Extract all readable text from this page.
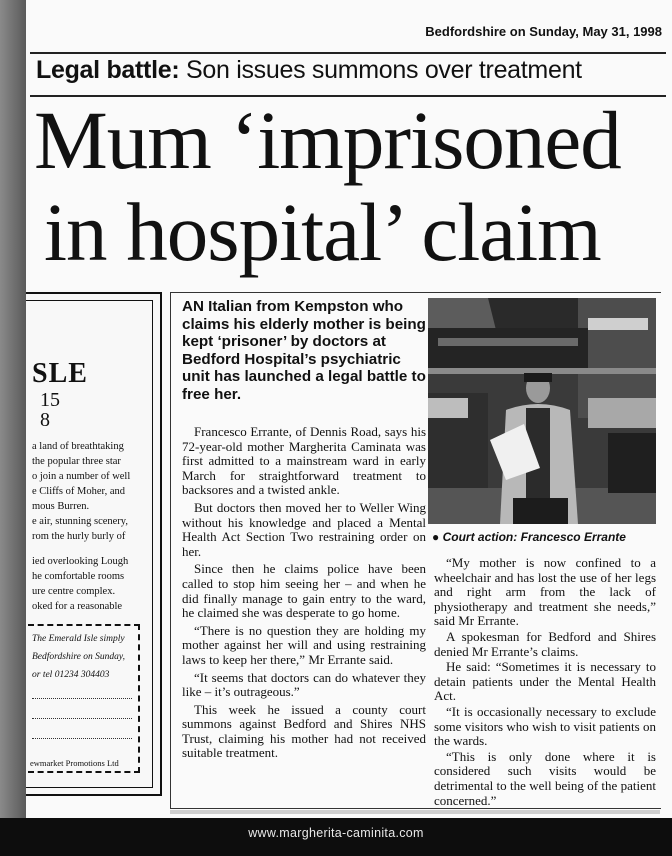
Bedfordshire on Sunday, May 31, 1998
Legal battle: Son issues summons over treatment
Mum ‘imprisoned
in hospital’ claim
SLE
15
8
a land of breathtaking
the popular three star
o join a number of well
e Cliffs of Moher, and
mous Burren.
e air, stunning scenery,
rom the hurly burly of
ied overlooking Lough
he comfortable rooms
ure centre complex.
oked for a reasonable
The Emerald Isle simply
Bedfordshire on Sunday,
or tel 01234 304403
ewmarket Promotions Ltd
AN Italian from Kempston who claims his elderly mother is being kept ‘prisoner’ by doctors at Bedford Hospital’s psychiatric unit has launched a legal battle to free her.

Francesco Errante, of Dennis Road, says his 72-year-old mother Margherita Caminata was first admitted to a mainstream ward in early March for straightforward treatment to backsores and a twisted ankle.

But doctors then moved her to Weller Wing without his knowledge and placed a Mental Health Act Section Two restraining order on her.

Since then he claims police have been called to stop him seeing her – and when he did finally manage to gain entry to the ward, he claimed she was desperate to go home.

“There is no question they are holding my mother against her will and using restraining laws to keep her there,” Mr Errante said.

“It seems that doctors can do whatever they like – it’s outrageous.”

This week he issued a county court summons against Bedford and Shires NHS Trust, claiming his mother had not received suitable treatment.

● Court action: Francesco Errante

“My mother is now confined to a wheelchair and has lost the use of her legs and right arm from the lack of physiotherapy and treatment she needs,” said Mr Errante.

A spokesman for Bedford and Shires denied Mr Errante’s claims.

He said: “Sometimes it is necessary to detain patients under the Mental Health Act.

“It is occasionally necessary to exclude some visitors who wish to visit patients on the wards.

“This is only done where it is considered such visits would be detrimental to the well being of the patient concerned.”

www.margherita-caminita.com
